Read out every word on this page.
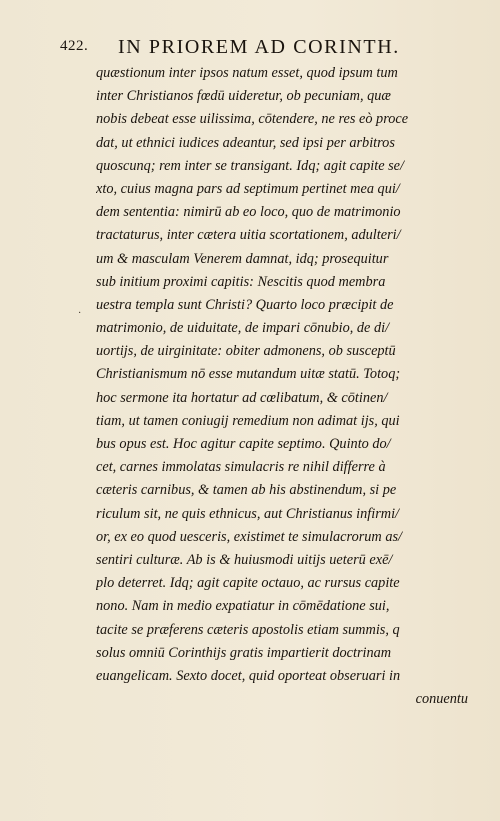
422. IN PRIOREM AD CORINTH.
·
quæstionum inter ipsos natum esset, quod ipsum tum
inter Christianos fœdū uideretur, ob pecuniam, quæ
nobis debeat esse uilissima, cōtendere, ne res eò proce
dat, ut ethnici iudices adeantur, sed ipsi per arbitros
quoscunq; rem inter se transigant. Idq; agit capite se/
xto, cuius magna pars ad septimum pertinet mea qui/
dem sententia: nimirū ab eo loco, quo de matrimonio
tractaturus, inter cætera uitia scortationem, adulteri/
um & masculam Venerem damnat, idq; prosequitur
sub initium proximi capitis: Nescitis quod membra
uestra templa sunt Christi? Quarto loco præcipit de
matrimonio, de uiduitate, de impari cōnubio, de di/
uortijs, de uirginitate: obiter admonens, ob susceptū
Christianismum nō esse mutandum uitæ statū. Totoq;
hoc sermone ita hortatur ad cœlibatum, & cōtinen/
tiam, ut tamen coniugij remedium non adimat ijs, qui
bus opus est. Hoc agitur capite septimo. Quinto do/
cet, carnes immolatas simulacris re nihil differre à
cæteris carnibus, & tamen ab his abstinendum, si pe
riculum sit, ne quis ethnicus, aut Christianus infirmi/
or, ex eo quod uesceris, existimet te simulacrorum as/
sentiri culturæ. Ab is & huiusmodi uitijs ueterū exē/
plo deterret. Idq; agit capite octauo, ac rursus capite
nono. Nam in medio expatiatur in cōmēdatione sui,
tacite se præferens cæteris apostolis etiam summis, q
solus omniū Corinthijs gratis impartierit doctrinam
euangelicam. Sexto docet, quid oporteat obseruari in
conuentu
